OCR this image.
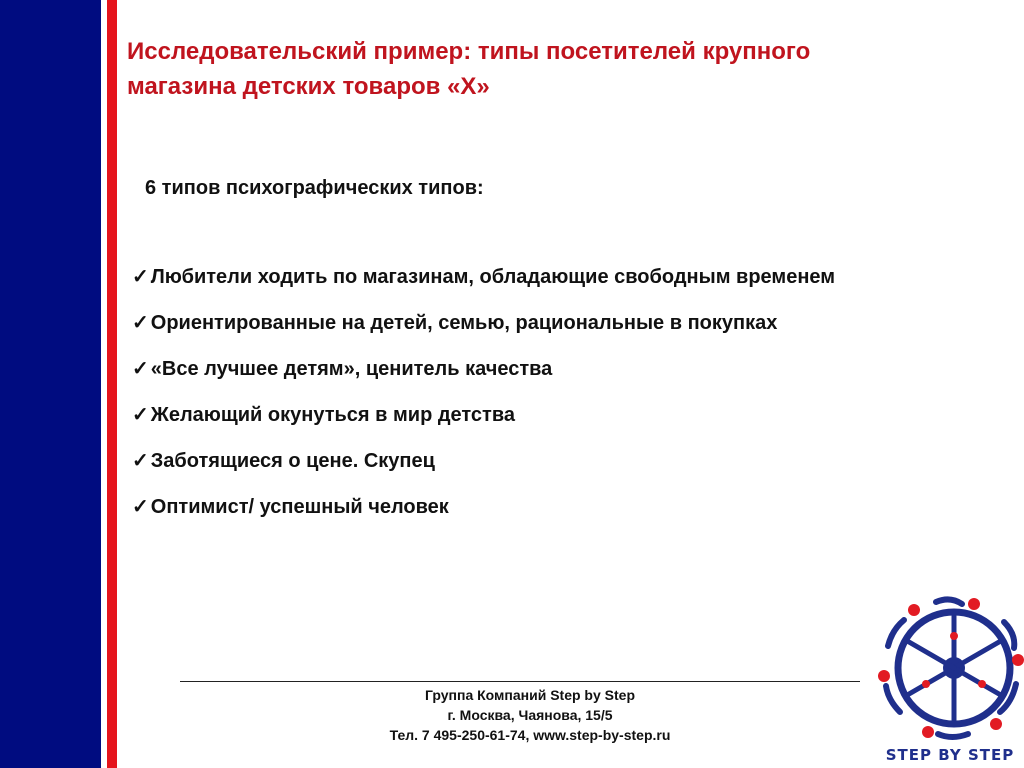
Исследовательский пример: типы посетителей крупного
магазина детских товаров «Х»

6 типов психографических типов:

✓ Любители ходить по магазинам, обладающие свободным временем
✓ Ориентированные на детей, семью, рациональные в покупках
✓ «Все лучшее детям», ценитель качества
✓ Желающий окунуться в мир детства
✓ Заботящиеся о цене. Скупец
✓ Оптимист/ успешный человек
Группа Компаний Step by Step
г. Москва, Чаянова, 15/5
Тел. 7 495-250-61-74, www.step-by-step.ru
STEP BY STEP
